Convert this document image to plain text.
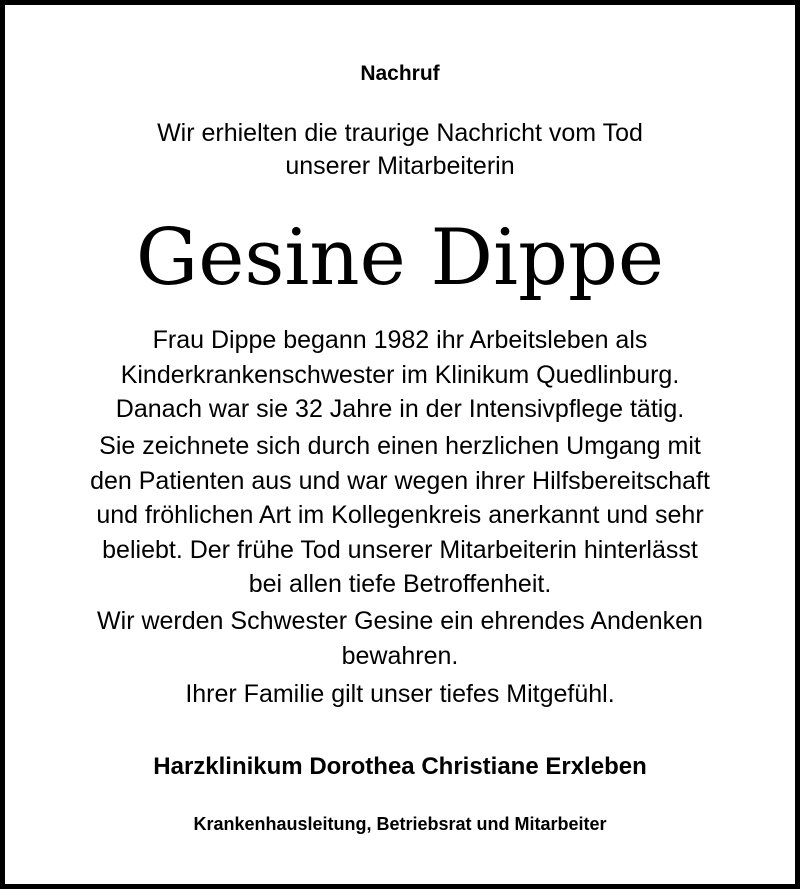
Nachruf
Wir erhielten die traurige Nachricht vom Tod
unserer Mitarbeiterin
Gesine Dippe
Frau Dippe begann 1982 ihr Arbeitsleben als
Kinderkrankenschwester im Klinikum Quedlinburg.
Danach war sie 32 Jahre in der Intensivpflege tätig.
Sie zeichnete sich durch einen herzlichen Umgang mit
den Patienten aus und war wegen ihrer Hilfsbereitschaft
und fröhlichen Art im Kollegenkreis anerkannt und sehr
beliebt. Der frühe Tod unserer Mitarbeiterin hinterlässt
bei allen tiefe Betroffenheit.
Wir werden Schwester Gesine ein ehrendes Andenken
bewahren.
Ihrer Familie gilt unser tiefes Mitgefühl.
Harzklinikum Dorothea Christiane Erxleben
Krankenhausleitung, Betriebsrat und Mitarbeiter
